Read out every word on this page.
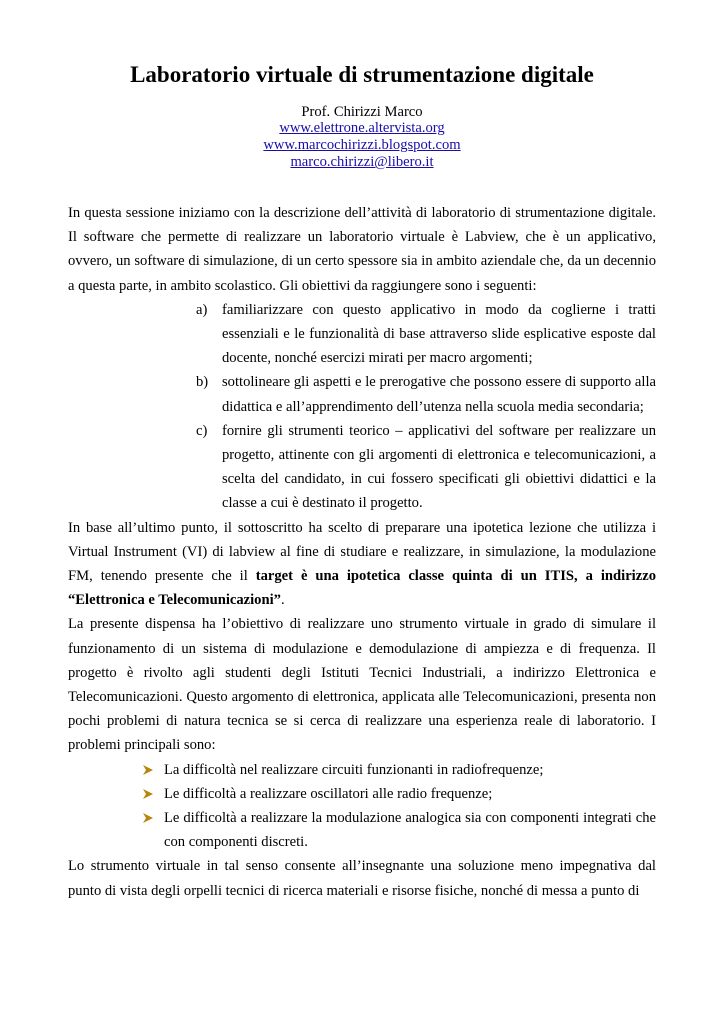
Laboratorio virtuale di strumentazione digitale

Prof. Chirizzi Marco

www.elettrone.altervista.org
www.marcochirizzi.blogspot.com
marco.chirizzi@libero.it

In questa sessione iniziamo con la descrizione dell’attività di laboratorio di strumentazione digitale. Il software che permette di realizzare un laboratorio virtuale è Labview, che è un applicativo, ovvero, un software di simulazione, di un certo spessore sia in ambito aziendale che, da un decennio a questa parte, in ambito scolastico. Gli obiettivi da raggiungere sono i seguenti:

a) familiarizzare con questo applicativo in modo da coglierne i tratti essenziali e le funzionalità di base attraverso slide esplicative esposte dal docente, nonché esercizi mirati per macro argomenti;
b) sottolineare gli aspetti e le prerogative che possono essere di supporto alla didattica e all’apprendimento dell’utenza nella scuola media secondaria;
c) fornire gli strumenti teorico – applicativi del software per realizzare un progetto, attinente con gli argomenti di elettronica e telecomunicazioni, a scelta del candidato, in cui fossero specificati gli obiettivi didattici e la classe a cui è destinato il progetto.

In base all’ultimo punto, il sottoscritto ha scelto di preparare una ipotetica lezione che utilizza i Virtual Instrument (VI) di labview al fine di studiare e realizzare, in simulazione, la modulazione FM, tenendo presente che il target è una ipotetica classe quinta di un ITIS, a indirizzo “Elettronica e Telecomunicazioni”.

La presente dispensa ha l’obiettivo di realizzare uno strumento virtuale in grado di simulare il funzionamento di un sistema di modulazione e demodulazione di ampiezza e di frequenza. Il progetto è rivolto agli studenti degli Istituti Tecnici Industriali, a indirizzo Elettronica e Telecomunicazioni. Questo argomento di elettronica, applicata alle Telecomunicazioni, presenta non pochi problemi di natura tecnica se si cerca di realizzare una esperienza reale di laboratorio. I problemi principali sono:

La difficoltà nel realizzare circuiti funzionanti in radiofrequenze;
Le difficoltà a realizzare oscillatori alle radio frequenze;
Le difficoltà a realizzare la modulazione analogica sia con componenti integrati che con componenti discreti.

Lo strumento virtuale in tal senso consente all’insegnante una soluzione meno impegnativa dal punto di vista degli orpelli tecnici di ricerca materiali e risorse fisiche, nonché di messa a punto di
